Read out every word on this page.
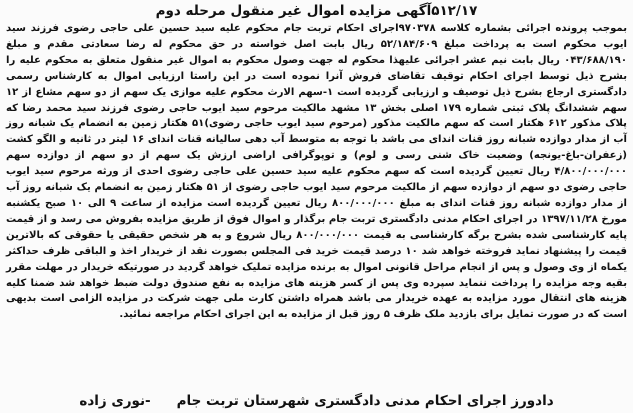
۵۱۲/۱۷آگهی مزایده اموال غیر منقول مرحله دوم

بموجب پرونده اجرائی بشماره کلاسه ۹۷۰۳۷۸اجرای احکام تربت جام محکوم علیه سید حسین علی حاجی رضوی فرزند سید ایوب محکوم است به پرداخت مبلغ ۵۲/۱۸۴/۶۰۹ ریال بابت اصل خواسته در حق محکوم له رضا سعادتی مقدم و مبلغ ۰۴۳/۶۸۸/۱۹۰ ریال بابت نیم عشر اجرائی علیهذا محکوم له جهت وصول محکوم به اموال غیر منقول متعلق به محکوم علیه را بشرح ذیل توسط اجرای احکام توقیف تقاضای فروش آنرا نموده است در این راستا ارزیابی اموال به کارشناس رسمی دادگستری ارجاع بشرح ذیل توصیف و ارزیابی گردیده است ۱-سهم الارث محکوم علیه موازی یک سهم از دو سهم مشاع از ۱۲ سهم ششدانگ پلاک ثبتی شماره ۱۷۹ اصلی بخش ۱۳ مشهد مالکیت مرحوم سید ایوب حاجی رضوی فرزند سید محمد رضا که پلاک مذکور ۶۱۲ هکتار است که سهم مالکیت مذکور (مرحوم سید ایوب حاجی رضوی)۵۱ هکتار زمین به انضمام یک شبانه روز آب از مدار دوازده شبانه روز قنات اندای می باشد با توجه به متوسط آب دهی سالیانه قنات اندای ۱۶ لیتر در ثانیه و الگو کشت (زعفران-باغ-یونجه) وضعیت خاک شنی رسی و لوم) و توپوگرافی اراضی ارزش یک سهم از دو سهم از دوازده سهم ۴/۸۰۰/۰۰۰/۰۰۰ ریال تعیین گردیده است که سهم محکوم علیه سید حسین علی حاجی رضوی احدی از ورثه مرحوم سید ایوب حاجی رضوی دو سهم از دوازده سهم از مالکیت مرحوم سید ایوب حاجی رضوی از ۵۱ هکتار زمین به انضمام یک شبانه روز آب از مدار دوازده شبانه روز قنات اندای به مبلغ ۸۰۰/۰۰۰/۰۰۰ ریال تعیین گردیده است مزایده از ساعت ۹ الی ۱۰ صبح یکشنبه مورخ ۱۳۹۷/۱۱/۲۸ در اجرای احکام مدنی دادگستری تربت جام برگذار و اموال فوق از طریق مزایده بفروش می رسد و از قیمت پایه کارشناسی شده بشرح برگه کارشناسی به قیمت ۸۰۰/۰۰۰/۰۰۰ ریال شروع و به هر شخص حقیقی یا حقوقی که بالاترین قیمت را پیشنهاد نماید فروخته خواهد شد ۱۰ درصد قیمت خرید فی المجلس بصورت نقد از خریدار اخذ و الباقی ظرف حداکثر یکماه از وی وصول و پس از انجام مراحل قانونی اموال به برنده مزایده تملیک خواهد گردید در صورتیکه خریدار در مهلت مقرر بقیه وجه مزایده را پرداخت ننماید سپرده وی پس از کسر هزینه های مزایده به نفع صندوق دولت ضبط خواهد شد ضمنا کلیه هزینه های انتقال مورد مزایده به عهده خریدار می باشد همراه داشتن کارت ملی جهت شرکت در مزایده الزامی است بدیهی است که در صورت تمایل برای بازدید ملک ظرف ۵ روز قبل از مزایده به این اجرای احکام مراجعه نمائید.

دادورز اجرای احکام مدنی دادگستری شهرستان تربت جام-نوری زاده
